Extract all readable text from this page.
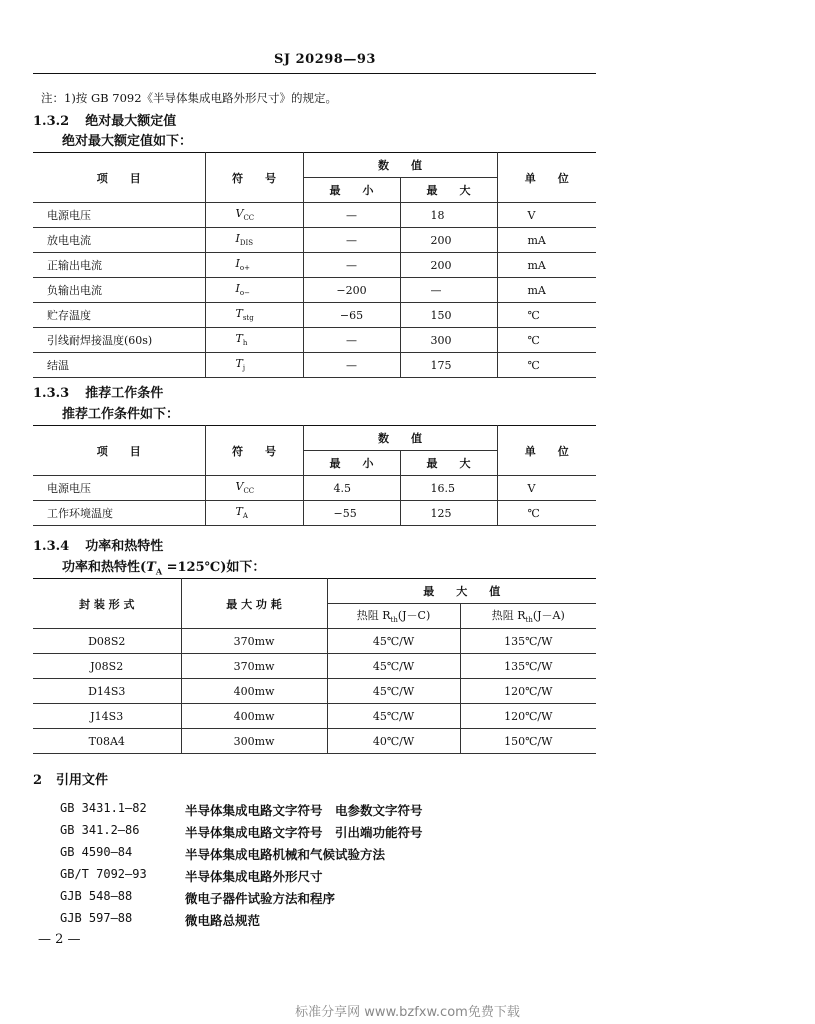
SJ 20298—93
注：1)按 GB 7092《半导体集成电路外形尺寸》的规定。
1.3.2 绝对最大额定值
绝对最大额定值如下：
项　　目	符　　号	数　　值		单　　位
		最　　小	最　　大	
电源电压	$V_{CC}$	—	18	V
放电电流	$I_{DIS}$	—	200	mA
正输出电流	$I_{o+}$	—	200	mA
负输出电流	$I_{o-}$	−200	—	mA
贮存温度	$T_{stg}$	−65	150	℃
引线耐焊接温度(60s)	$T_h$	—	300	℃
结温	$T_j$	—	175	℃
1.3.3 推荐工作条件
推荐工作条件如下：
项　　目	符　　号	数　　值		单　　位
		最　　小	最　　大	
电源电压	$V_{CC}$	4.5	16.5	V
工作环境温度	$T_A$	−55	125	℃
1.3.4 功率和热特性
功率和热特性($T_A$ =125℃)如下：
封 装 形 式	最 大 功 耗	最　　大　　值	
		热阻 $R_{th}(J-C)$	热阻 $R_{th}(J-A)$
D08S2	370mw	45℃/W	135℃/W
J08S2	370mw	45℃/W	135℃/W
D14S3	400mw	45℃/W	120℃/W
J14S3	400mw	45℃/W	120℃/W
T08A4	300mw	40℃/W	150℃/W
2 引用文件
GB 3431.1—82	半导体集成电路文字符号　电参数文字符号
GB 341.2—86	半导体集成电路文字符号　引出端功能符号
GB 4590—84	半导体集成电路机械和气候试验方法
GB/T 7092—93	半导体集成电路外形尺寸
GJB 548—88	微电子器件试验方法和程序
GJB 597—88	微电路总规范
— 2 —
标准分享网 www.bzfxw.com免费下载
